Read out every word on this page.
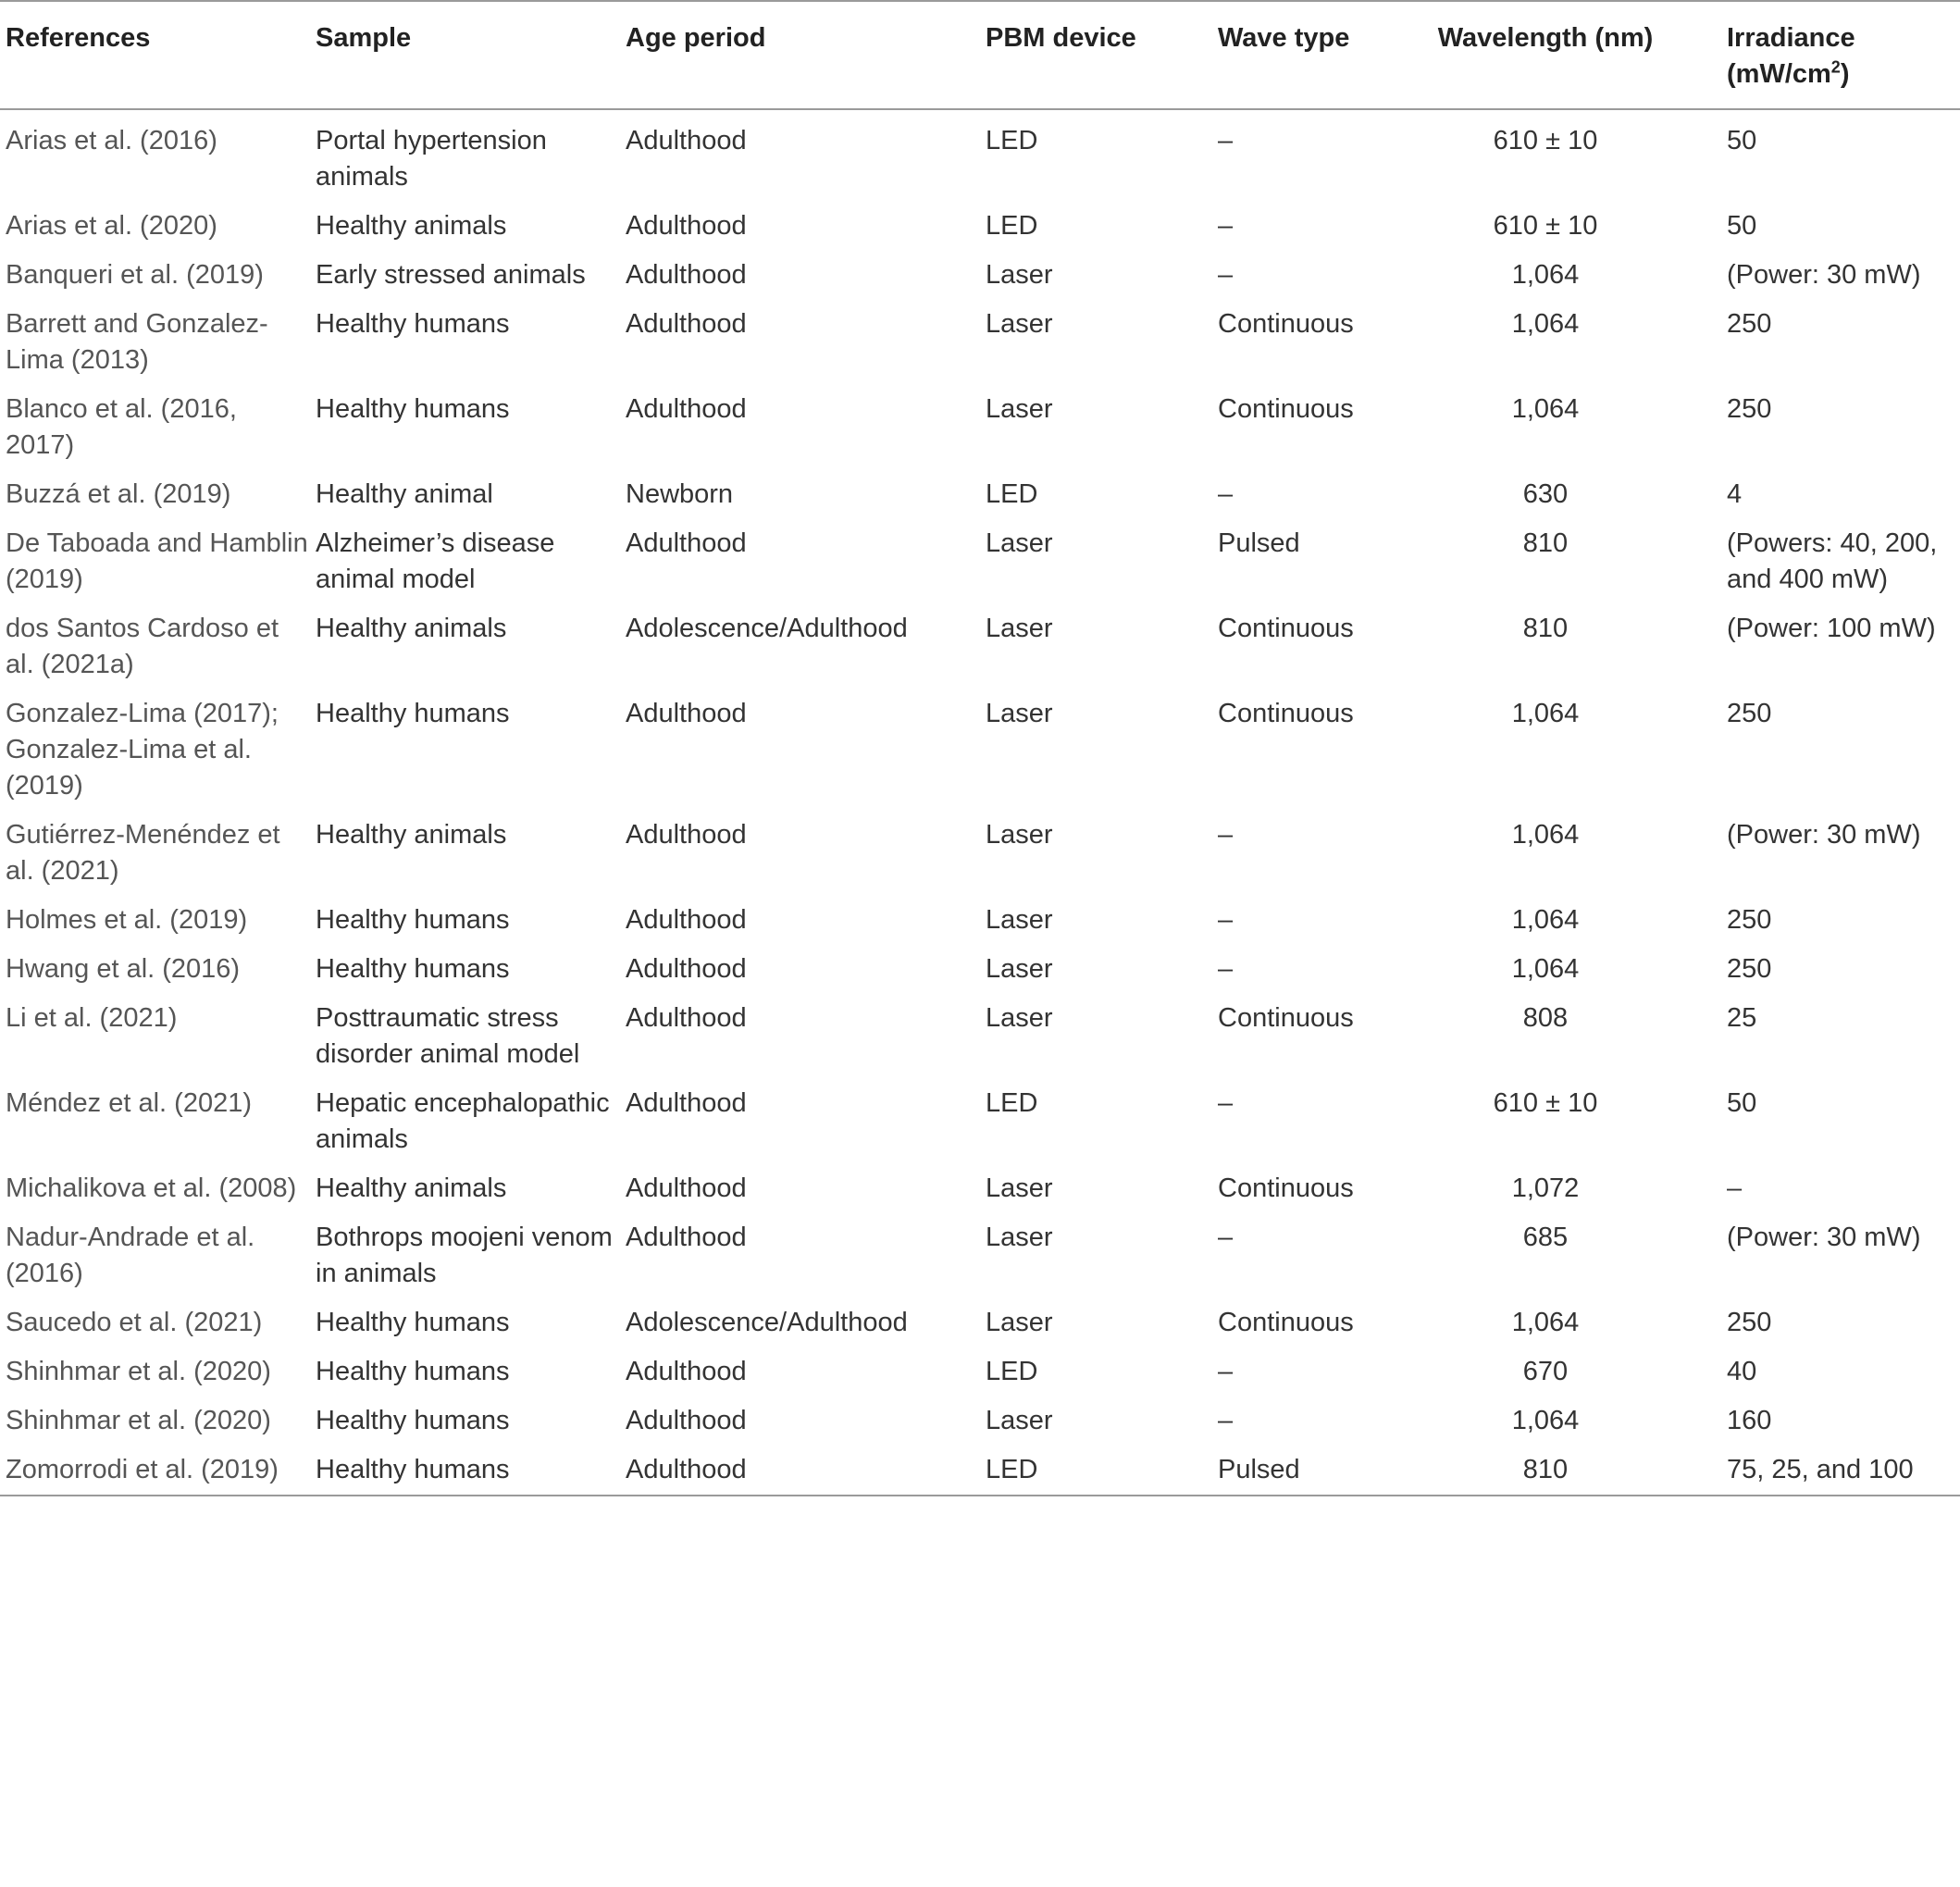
References	Sample	Age period	PBM device	Wave type	Wavelength (nm)	Irradiance
$(mW/cm^2)$
Arias et al. (2016)	Portal hypertension animals	Adulthood	LED	–	610 ± 10	50
Arias et al. (2020)	Healthy animals	Adulthood	LED	–	610 ± 10	50
Banqueri et al. (2019)	Early stressed animals	Adulthood	Laser	–	1,064	(Power: 30 mW)
Barrett and Gonzalez-Lima (2013)	Healthy humans	Adulthood	Laser	Continuous	1,064	250
Blanco et al. (2016, 2017)	Healthy humans	Adulthood	Laser	Continuous	1,064	250
Buzzá et al. (2019)	Healthy animal	Newborn	LED	–	630	4
De Taboada and Hamblin (2019)	Alzheimer’s disease animal model	Adulthood	Laser	Pulsed	810	(Powers: 40, 200, and 400 mW)
dos Santos Cardoso et al. (2021a)	Healthy animals	Adolescence/Adulthood	Laser	Continuous	810	(Power: 100 mW)
Gonzalez-Lima (2017); Gonzalez-Lima et al. (2019)	Healthy humans	Adulthood	Laser	Continuous	1,064	250
Gutiérrez-Menéndez et al. (2021)	Healthy animals	Adulthood	Laser	–	1,064	(Power: 30 mW)
Holmes et al. (2019)	Healthy humans	Adulthood	Laser	–	1,064	250
Hwang et al. (2016)	Healthy humans	Adulthood	Laser	–	1,064	250
Li et al. (2021)	Posttraumatic stress disorder animal model	Adulthood	Laser	Continuous	808	25
Méndez et al. (2021)	Hepatic encephalopathic animals	Adulthood	LED	–	610 ± 10	50
Michalikova et al. (2008)	Healthy animals	Adulthood	Laser	Continuous	1,072	–
Nadur-Andrade et al. (2016)	Bothrops moojeni venom in animals	Adulthood	Laser	–	685	(Power: 30 mW)
Saucedo et al. (2021)	Healthy humans	Adolescence/Adulthood	Laser	Continuous	1,064	250
Shinhmar et al. (2020)	Healthy humans	Adulthood	LED	–	670	40
Shinhmar et al. (2020)	Healthy humans	Adulthood	Laser	–	1,064	160
Zomorrodi et al. (2019)	Healthy humans	Adulthood	LED	Pulsed	810	75, 25, and 100
